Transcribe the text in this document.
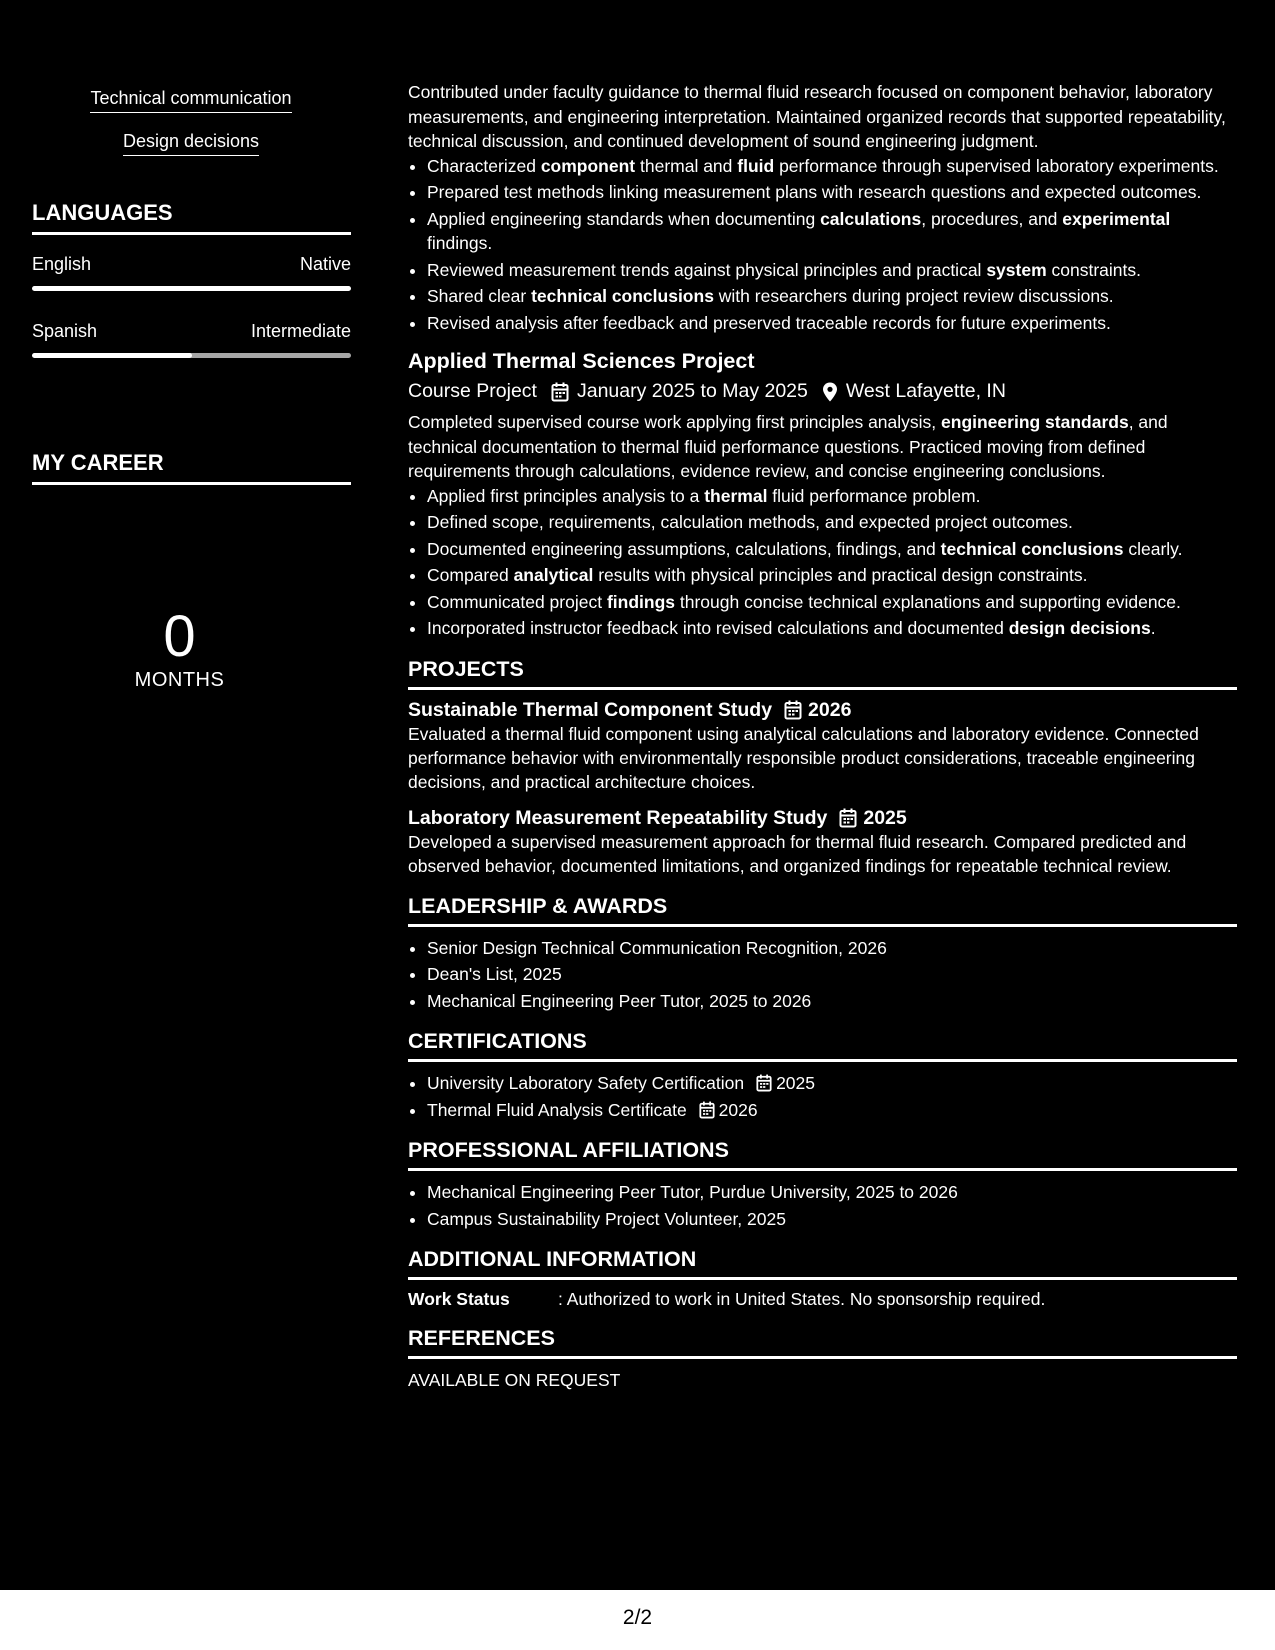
Technical communication
Design decisions
LANGUAGES
English	Native
Spanish	Intermediate
MY CAREER
0
MONTHS
Contributed under faculty guidance to thermal fluid research focused on component behavior, laboratory measurements, and engineering interpretation. Maintained organized records that supported repeatability, technical discussion, and continued development of sound engineering judgment.
• Characterized component thermal and fluid performance through supervised laboratory experiments.
• Prepared test methods linking measurement plans with research questions and expected outcomes.
• Applied engineering standards when documenting calculations, procedures, and experimental findings.
• Reviewed measurement trends against physical principles and practical system constraints.
• Shared clear technical conclusions with researchers during project review discussions.
• Revised analysis after feedback and preserved traceable records for future experiments.
Applied Thermal Sciences Project
Course Project January 2025 to May 2025 West Lafayette, IN
Completed supervised course work applying first principles analysis, engineering standards, and technical documentation to thermal fluid performance questions. Practiced moving from defined requirements through calculations, evidence review, and concise engineering conclusions.
• Applied first principles analysis to a thermal fluid performance problem.
• Defined scope, requirements, calculation methods, and expected project outcomes.
• Documented engineering assumptions, calculations, findings, and technical conclusions clearly.
• Compared analytical results with physical principles and practical design constraints.
• Communicated project findings through concise technical explanations and supporting evidence.
• Incorporated instructor feedback into revised calculations and documented design decisions.
PROJECTS
Sustainable Thermal Component Study 2026
Evaluated a thermal fluid component using analytical calculations and laboratory evidence. Connected performance behavior with environmentally responsible product considerations, traceable engineering decisions, and practical architecture choices.
Laboratory Measurement Repeatability Study 2025
Developed a supervised measurement approach for thermal fluid research. Compared predicted and observed behavior, documented limitations, and organized findings for repeatable technical review.
LEADERSHIP & AWARDS
• Senior Design Technical Communication Recognition, 2026
• Dean's List, 2025
• Mechanical Engineering Peer Tutor, 2025 to 2026
CERTIFICATIONS
• University Laboratory Safety Certification 2025
• Thermal Fluid Analysis Certificate 2026
PROFESSIONAL AFFILIATIONS
• Mechanical Engineering Peer Tutor, Purdue University, 2025 to 2026
• Campus Sustainability Project Volunteer, 2025
ADDITIONAL INFORMATION
Work Status	: Authorized to work in United States. No sponsorship required.
REFERENCES
AVAILABLE ON REQUEST
2/2
